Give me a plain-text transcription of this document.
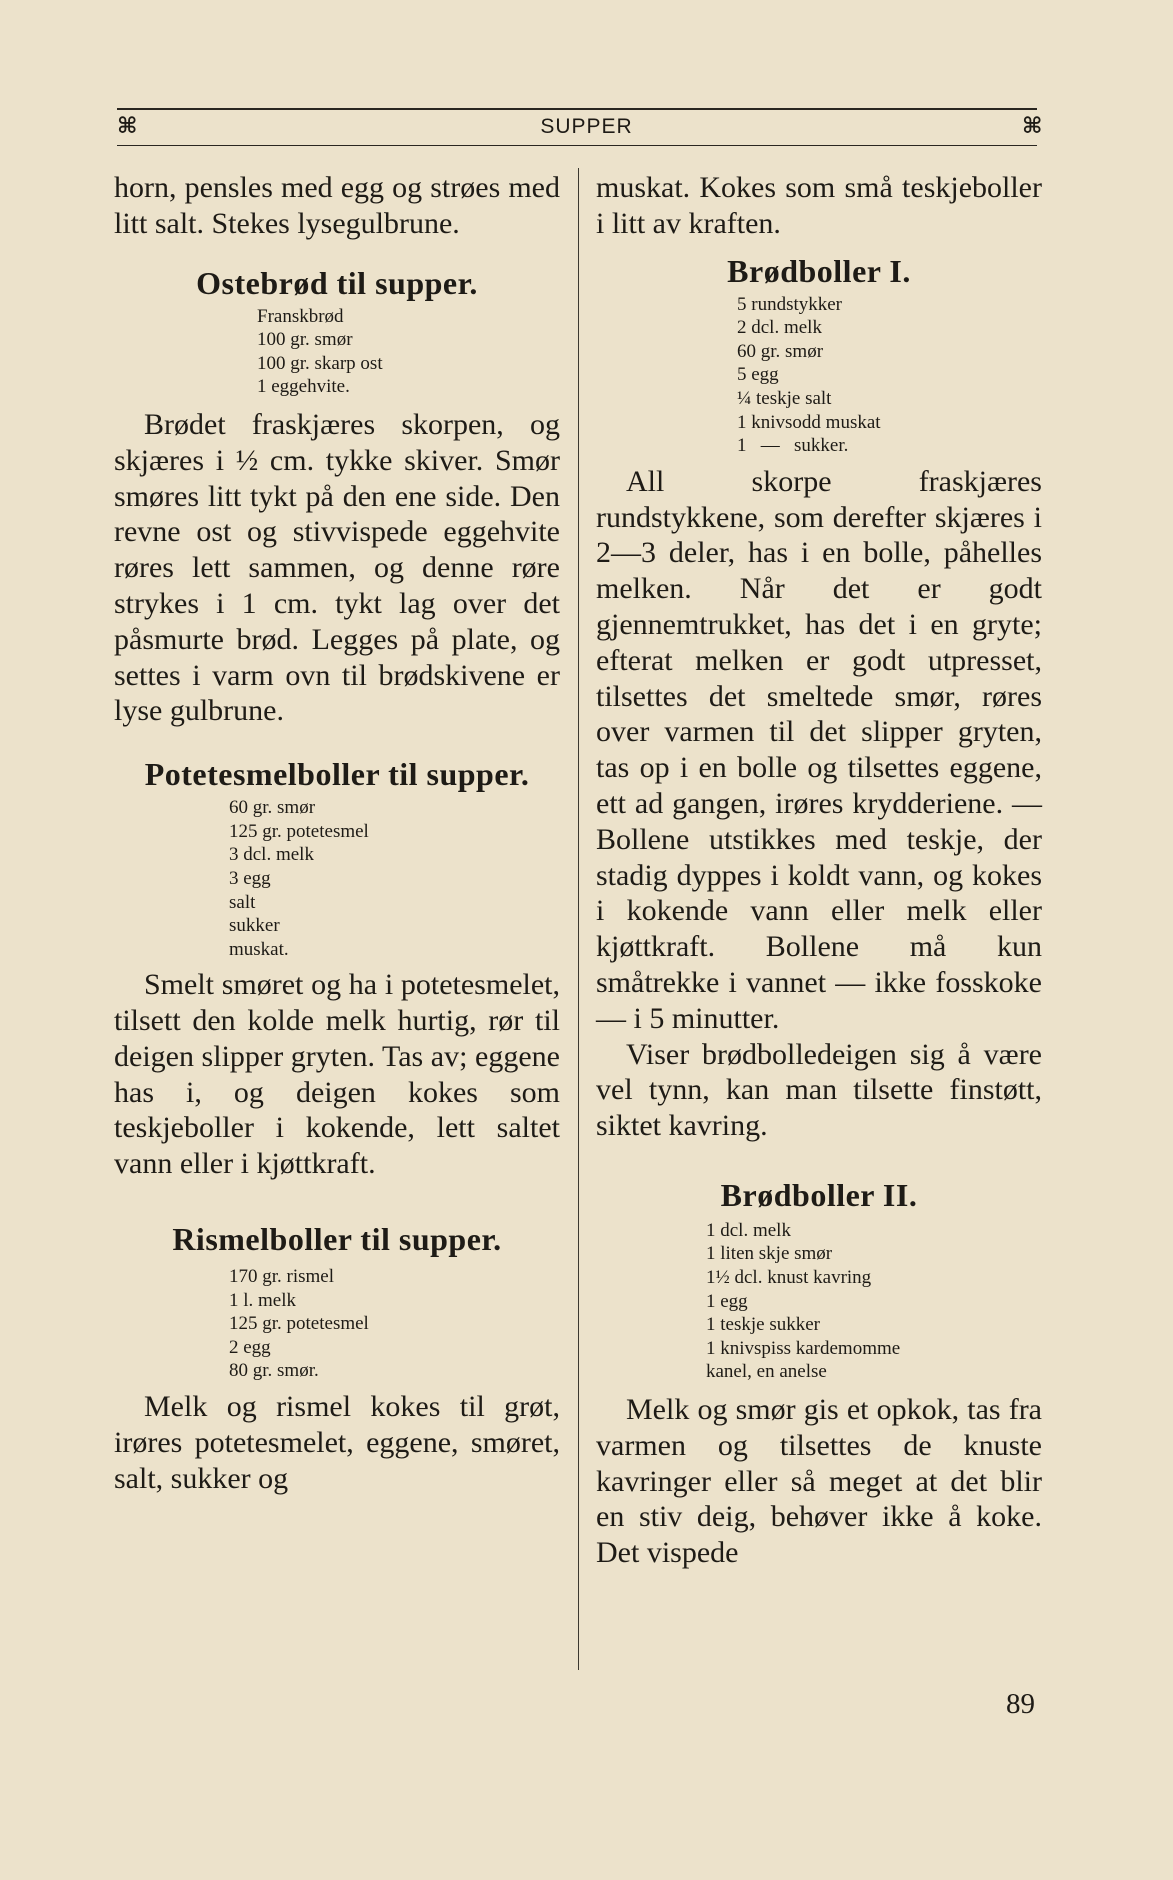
⌘	SUPPER	⌘

horn, pensles med egg og strøes med litt salt. Stekes lysegulbrune.

Ostebrød til supper.
Franskbrød
100 gr. smør
100 gr. skarp ost
1 eggehvite.

Brødet fraskjæres skorpen, og skjæres i ½ cm. tykke skiver. Smør smøres litt tykt på den ene side. Den revne ost og stivvispede eggehvite røres lett sammen, og denne røre strykes i 1 cm. tykt lag over det påsmurte brød. Legges på plate, og settes i varm ovn til brødskivene er lyse gulbrune.

Potetesmelboller til supper.
60 gr. smør
125 gr. potetesmel
3 dcl. melk
3 egg
salt
sukker
muskat.

Smelt smøret og ha i potetesmelet, tilsett den kolde melk hurtig, rør til deigen slipper gryten. Tas av; eggene has i, og deigen kokes som teskjeboller i kokende, lett saltet vann eller i kjøttkraft.

Rismelboller til supper.
170 gr. rismel
1 l. melk
125 gr. potetesmel
2 egg
80 gr. smør.

Melk og rismel kokes til grøt, irøres potetesmelet, eggene, smøret, salt, sukker og

muskat. Kokes som små teskjeboller i litt av kraften.

Brødboller I.
5 rundstykker
2 dcl. melk
60 gr. smør
5 egg
¼ teskje salt
1 knivsodd muskat
1   —   sukker.

All skorpe fraskjæres rundstykkene, som derefter skjæres i 2—3 deler, has i en bolle, påhelles melken. Når det er godt gjennemtrukket, has det i en gryte; efterat melken er godt utpresset, tilsettes det smeltede smør, røres over varmen til det slipper gryten, tas op i en bolle og tilsettes eggene, ett ad gangen, irøres krydderiene. — Bollene utstikkes med teskje, der stadig dyppes i koldt vann, og kokes i kokende vann eller melk eller kjøttkraft. Bollene må kun småtrekke i vannet — ikke fosskoke — i 5 minutter.

Viser brødbolledeigen sig å være vel tynn, kan man tilsette finstøtt, siktet kavring.

Brødboller II.
1 dcl. melk
1 liten skje smør
1½ dcl. knust kavring
1 egg
1 teskje sukker
1 knivspiss kardemomme
kanel, en anelse

Melk og smør gis et opkok, tas fra varmen og tilsettes de knuste kavringer eller så meget at det blir en stiv deig, behøver ikke å koke. Det vispede

89
